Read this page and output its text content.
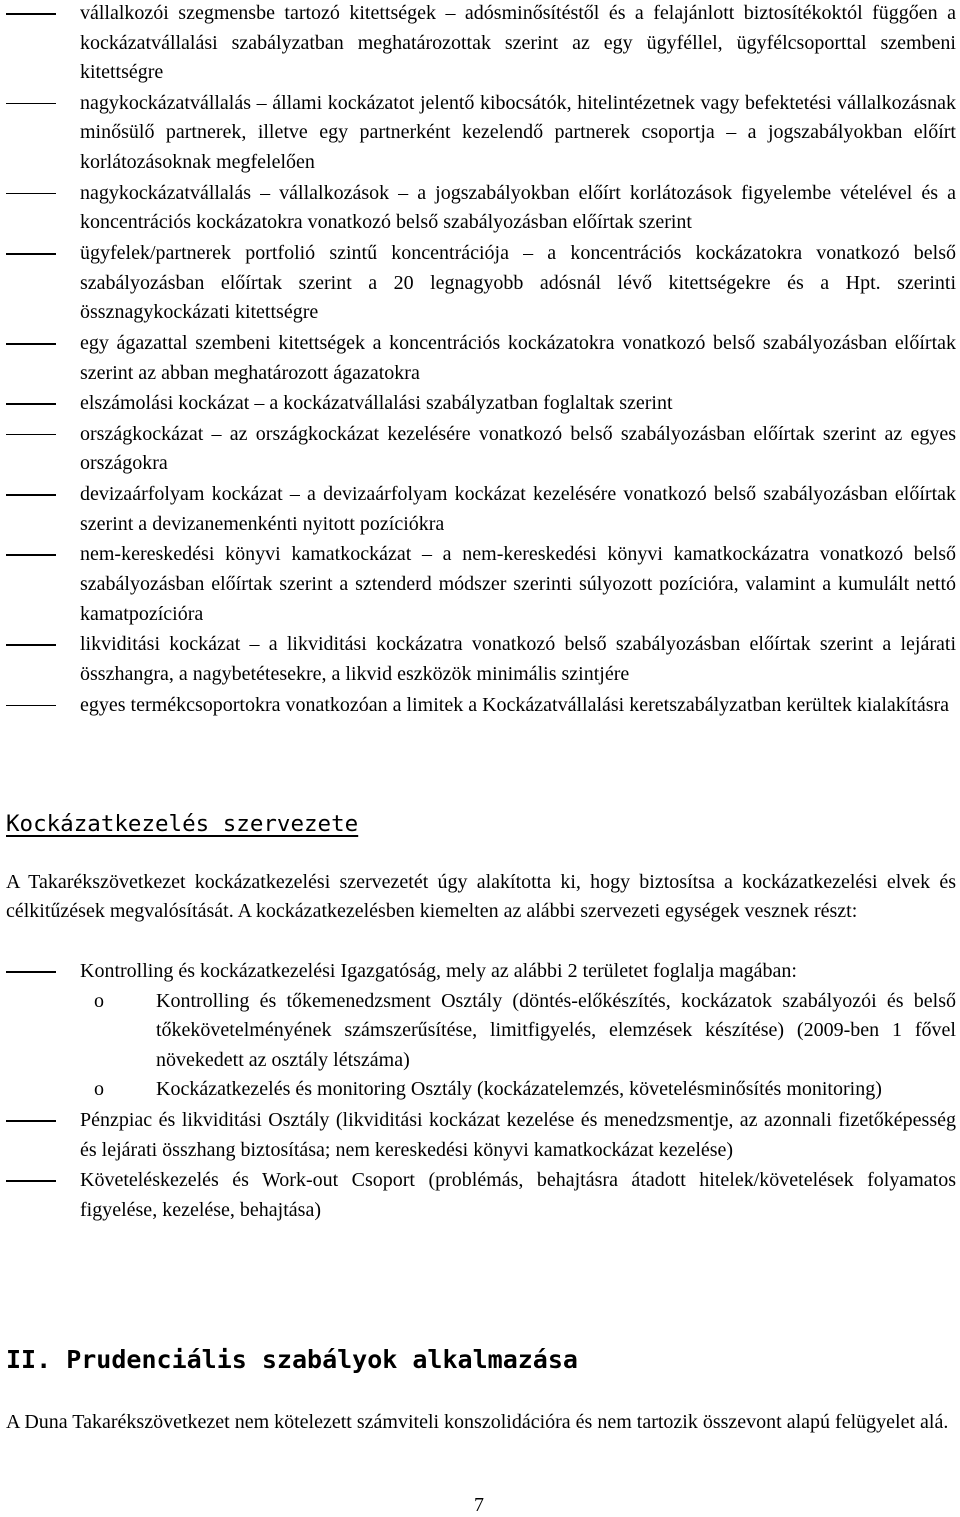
vállalkozói szegmensbe tartozó kitettségek – adósminősítéstől és a felajánlott biztosítékoktól függően a kockázatvállalási szabályzatban meghatározottak szerint az egy ügyféllel, ügyfélcsoporttal szembeni kitettségre
nagykockázatvállalás – állami kockázatot jelentő kibocsátók, hitelintézetnek vagy befektetési vállalkozásnak minősülő partnerek, illetve egy partnerként kezelendő partnerek csoportja – a jogszabályokban előírt korlátozásoknak megfelelően
nagykockázatvállalás – vállalkozások – a jogszabályokban előírt korlátozások figyelembe vételével és a koncentrációs kockázatokra vonatkozó belső szabályozásban előírtak szerint
ügyfelek/partnerek portfolió szintű koncentrációja – a koncentrációs kockázatokra vonatkozó belső szabályozásban előírtak szerint a 20 legnagyobb adósnál lévő kitettségekre és a Hpt. szerinti össznagykockázati kitettségre
egy ágazattal szembeni kitettségek a koncentrációs kockázatokra vonatkozó belső szabályozásban előírtak szerint az abban meghatározott ágazatokra
elszámolási kockázat – a kockázatvállalási szabályzatban foglaltak szerint
országkockázat – az országkockázat kezelésére vonatkozó belső szabályozásban előírtak szerint az egyes országokra
devizaárfolyam kockázat – a devizaárfolyam kockázat kezelésére vonatkozó belső szabályozásban előírtak szerint a devizanemenkénti nyitott pozíciókra
nem-kereskedési könyvi kamatkockázat – a nem-kereskedési könyvi kamatkockázatra vonatkozó belső szabályozásban előírtak szerint a sztenderd módszer szerinti súlyozott pozícióra, valamint a kumulált nettó kamatpozícióra
likviditási kockázat – a likviditási kockázatra vonatkozó belső szabályozásban előírtak szerint a lejárati összhangra, a nagybetétesekre, a likvid eszközök minimális szintjére
egyes termékcsoportokra vonatkozóan a limitek a Kockázatvállalási keretszabályzatban kerültek kialakításra
Kockázatkezelés szervezete
A Takarékszövetkezet kockázatkezelési szervezetét úgy alakította ki, hogy biztosítsa a kockázatkezelési elvek és célkitűzések megvalósítását. A kockázatkezelésben kiemelten az alábbi szervezeti egységek vesznek részt:
Kontrolling és kockázatkezelési Igazgatóság, mely az alábbi 2 területet foglalja magában:
o	Kontrolling és tőkemenedzsment Osztály (döntés-előkészítés, kockázatok szabályozói és belső tőkekövetelményének számszerűsítése, limitfigyelés, elemzések készítése) (2009-ben 1 fővel növekedett az osztály létszáma)
o	Kockázatkezelés és monitoring Osztály (kockázatelemzés, követelésminősítés monitoring)
Pénzpiac és likviditási Osztály (likviditási kockázat kezelése és menedzsmentje, az azonnali fizetőképesség és lejárati összhang biztosítása; nem kereskedési könyvi kamatkockázat kezelése)
Követeléskezelés és Work-out Csoport (problémás, behajtásra átadott hitelek/követelések folyamatos figyelése, kezelése, behajtása)
II. Prudenciális szabályok alkalmazása
A Duna Takarékszövetkezet nem kötelezett számviteli konszolidációra és nem tartozik összevont alapú felügyelet alá.
7
